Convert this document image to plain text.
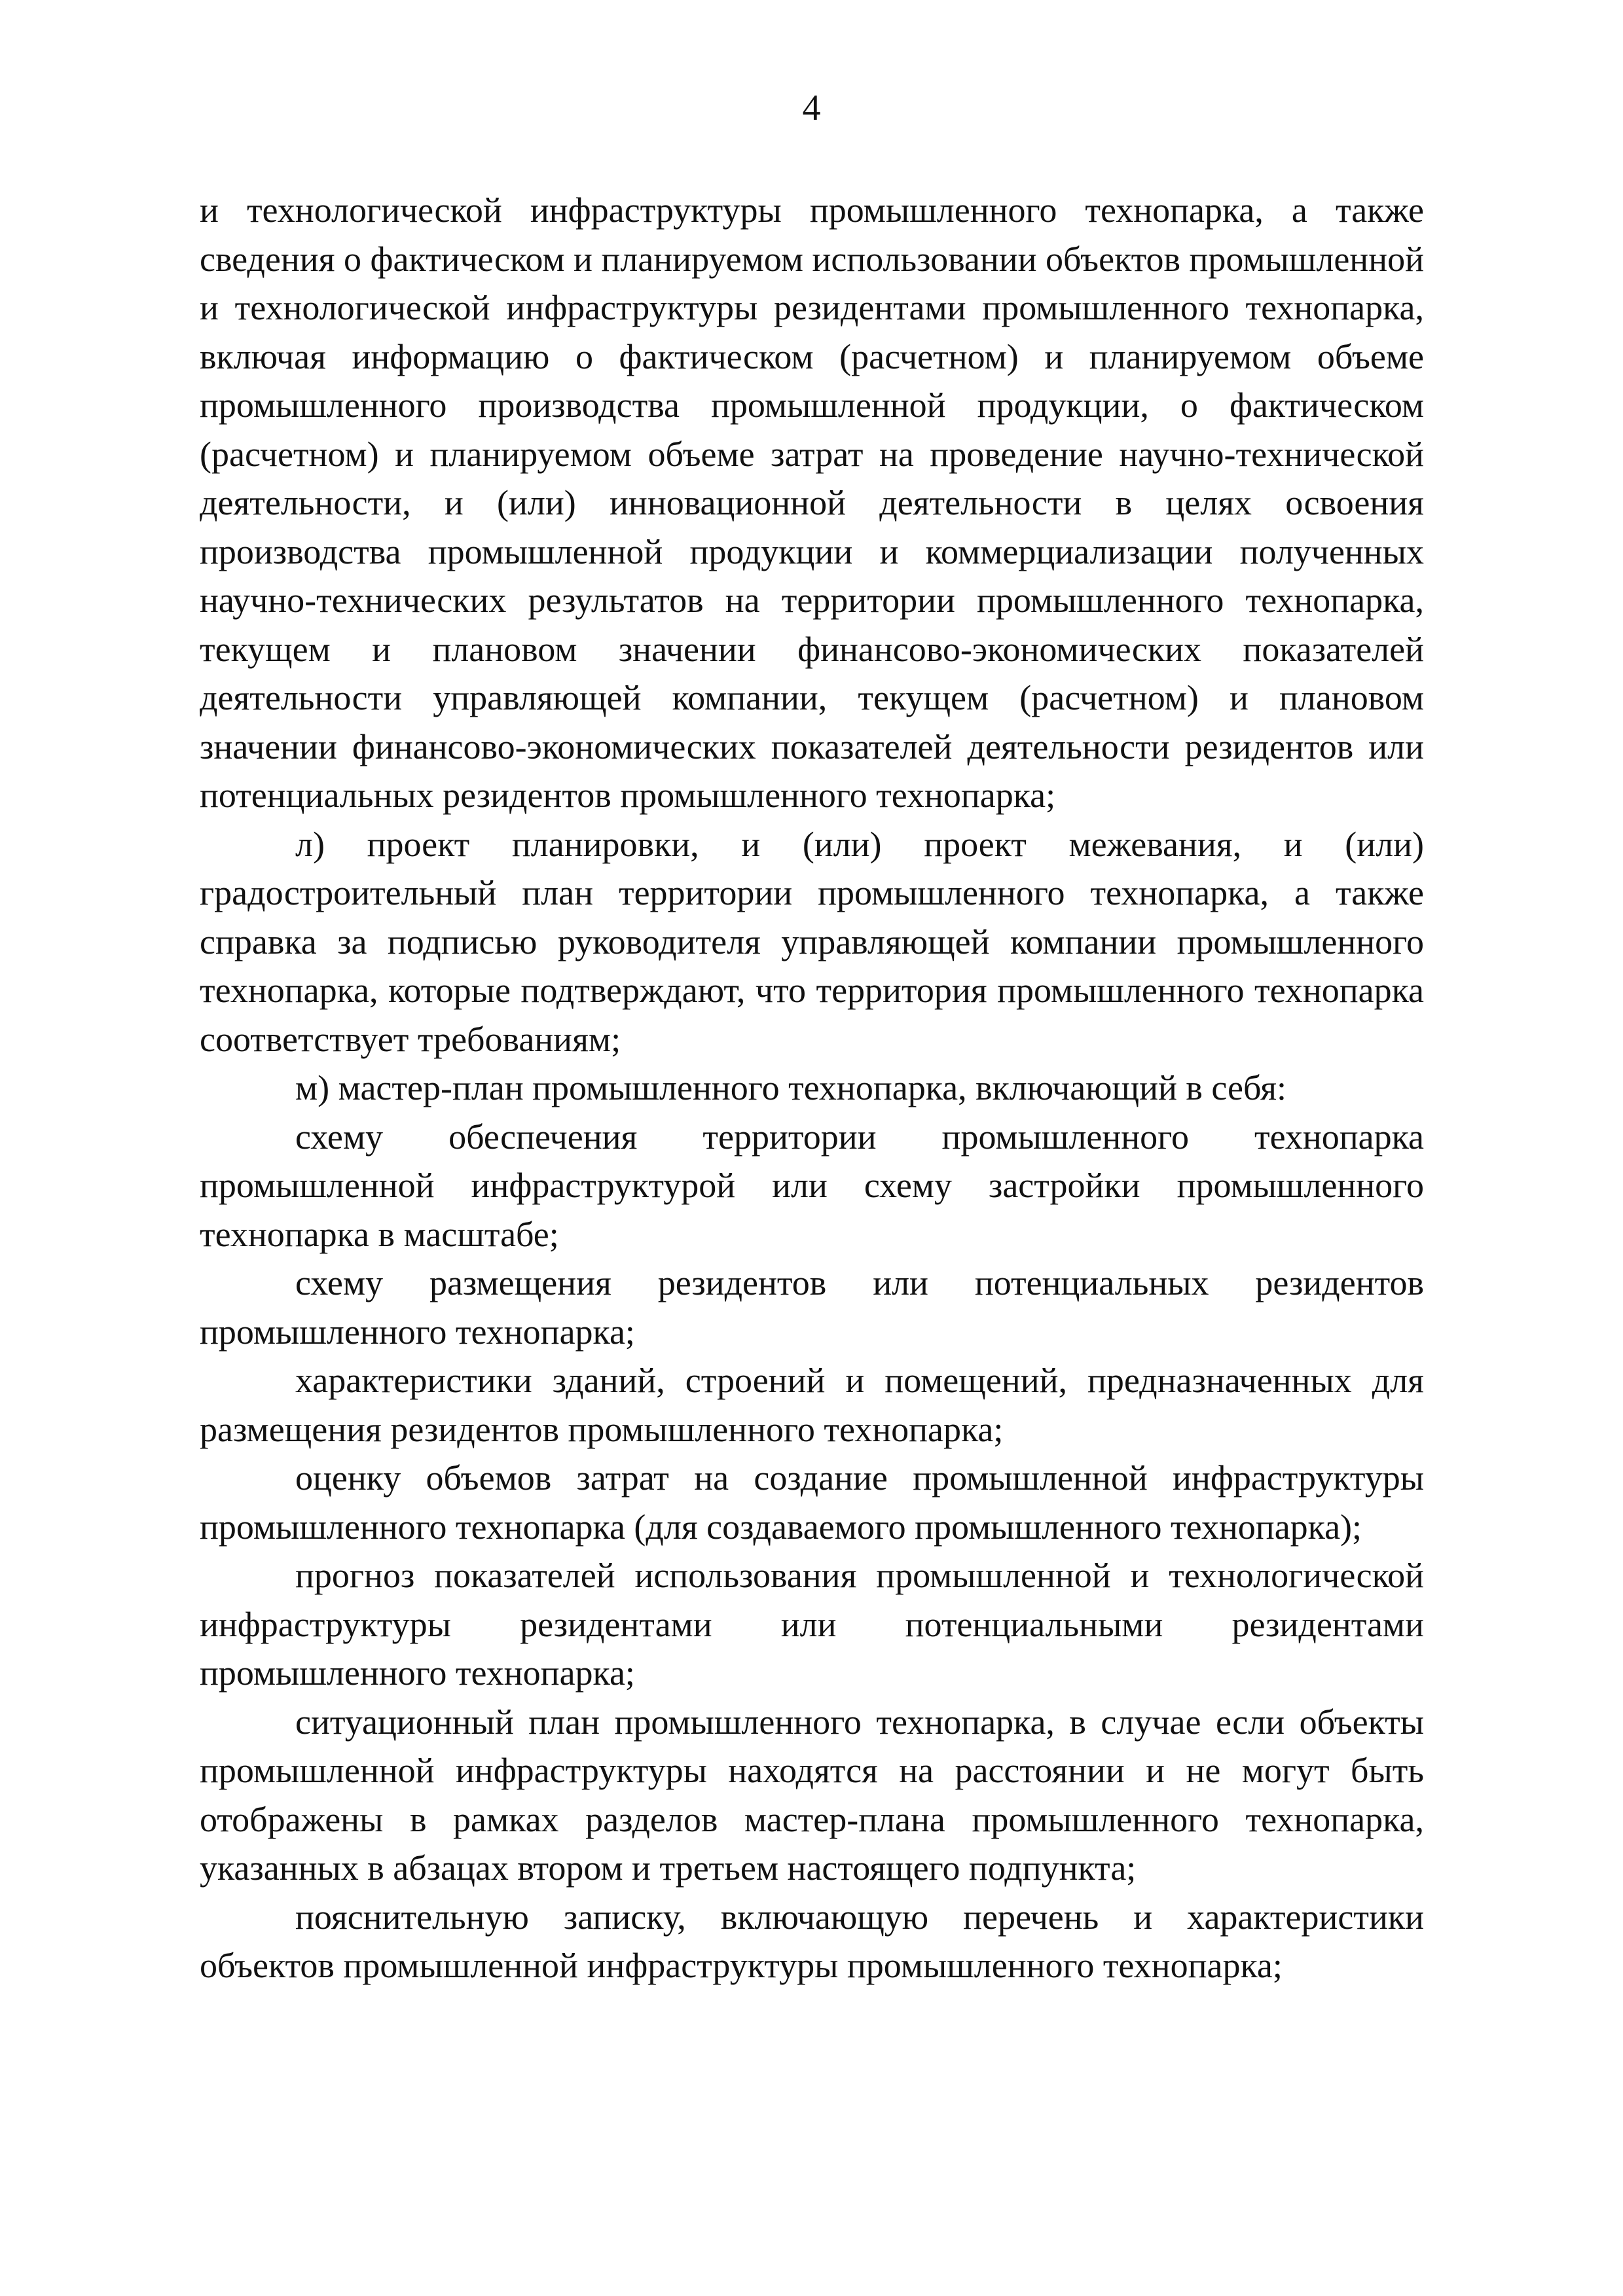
4

и технологической инфраструктуры промышленного технопарка, а также сведения о фактическом и планируемом использовании объектов промышленной и технологической инфраструктуры резидентами промышленного технопарка, включая информацию о фактическом (расчетном) и планируемом объеме промышленного производства промышленной продукции, о фактическом (расчетном) и планируемом объеме затрат на проведение научно-технической деятельности, и (или) инновационной деятельности в целях освоения производства промышленной продукции и коммерциализации полученных научно-технических результатов на территории промышленного технопарка, текущем и плановом значении финансово-экономических показателей деятельности управляющей компании, текущем (расчетном) и плановом значении финансово-экономических показателей деятельности резидентов или потенциальных резидентов промышленного технопарка;

л) проект планировки, и (или) проект межевания, и (или) градостроительный план территории промышленного технопарка, а также справка за подписью руководителя управляющей компании промышленного технопарка, которые подтверждают, что территория промышленного технопарка соответствует требованиям;

м) мастер-план промышленного технопарка, включающий в себя:

схему обеспечения территории промышленного технопарка промышленной инфраструктурой или схему застройки промышленного технопарка в масштабе;

схему размещения резидентов или потенциальных резидентов промышленного технопарка;

характеристики зданий, строений и помещений, предназначенных для размещения резидентов промышленного технопарка;

оценку объемов затрат на создание промышленной инфраструктуры промышленного технопарка (для создаваемого промышленного технопарка);

прогноз показателей использования промышленной и технологической инфраструктуры резидентами или потенциальными резидентами промышленного технопарка;

ситуационный план промышленного технопарка, в случае если объекты промышленной инфраструктуры находятся на расстоянии и не могут быть отображены в рамках разделов мастер-плана промышленного технопарка, указанных в абзацах втором и третьем настоящего подпункта;

пояснительную записку, включающую перечень и характеристики объектов промышленной инфраструктуры промышленного технопарка;
